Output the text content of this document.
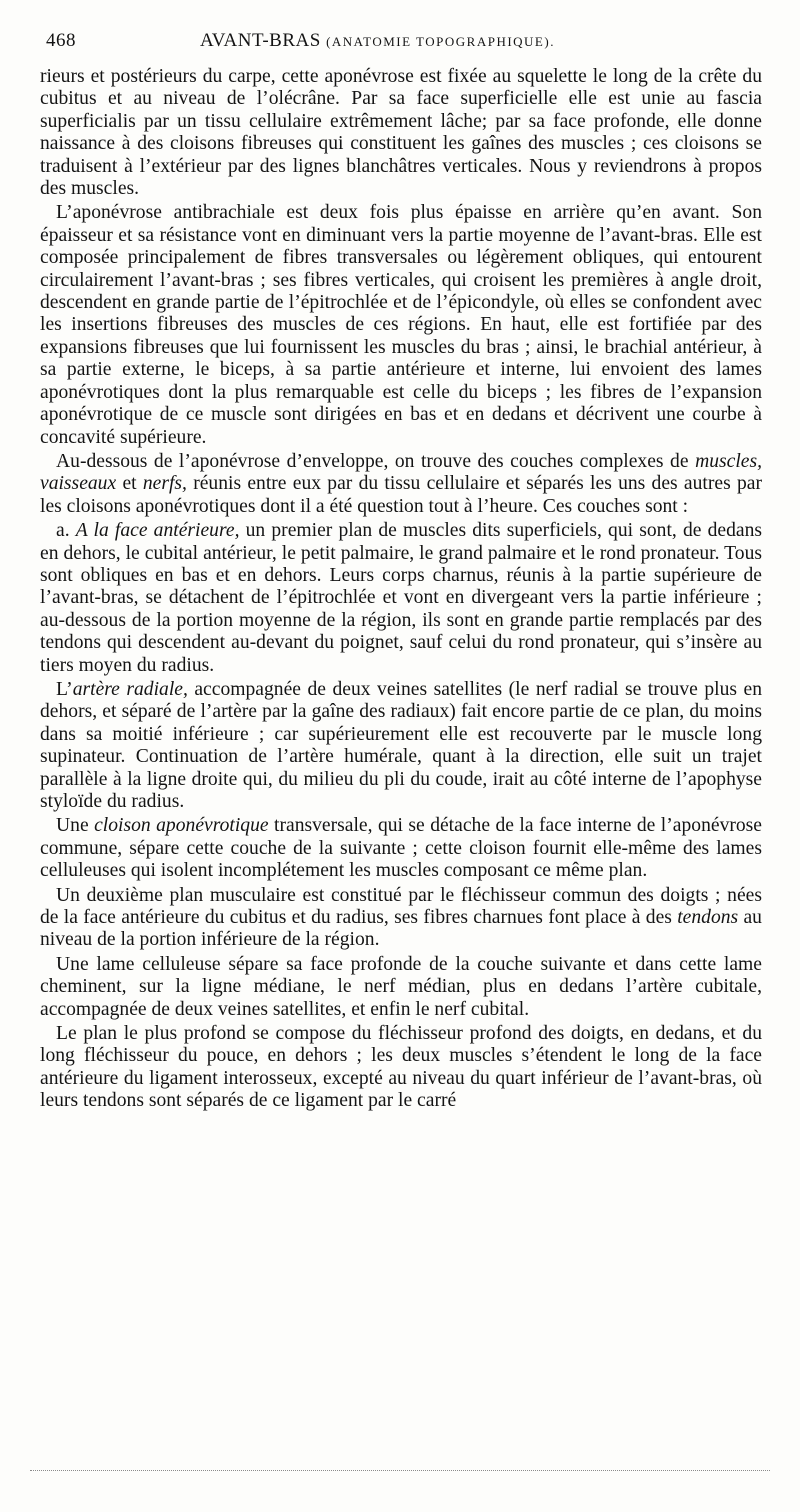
468	AVANT-BRAS (ANATOMIE TOPOGRAPHIQUE).

rieurs et postérieurs du carpe, cette aponévrose est fixée au squelette le long de la crête du cubitus et au niveau de l’olécrâne. Par sa face superficielle elle est unie au fascia superficialis par un tissu cellulaire extrêmement lâche; par sa face profonde, elle donne naissance à des cloisons fibreuses qui constituent les gaînes des muscles ; ces cloisons se traduisent à l’extérieur par des lignes blanchâtres verticales. Nous y reviendrons à propos des muscles.

L’aponévrose antibrachiale est deux fois plus épaisse en arrière qu’en avant. Son épaisseur et sa résistance vont en diminuant vers la partie moyenne de l’avant-bras. Elle est composée principalement de fibres transversales ou légèrement obliques, qui entourent circulairement l’avant-bras ; ses fibres verticales, qui croisent les premières à angle droit, descendent en grande partie de l’épitrochlée et de l’épicondyle, où elles se confondent avec les insertions fibreuses des muscles de ces régions. En haut, elle est fortifiée par des expansions fibreuses que lui fournissent les muscles du bras ; ainsi, le brachial antérieur, à sa partie externe, le biceps, à sa partie antérieure et interne, lui envoient des lames aponévrotiques dont la plus remarquable est celle du biceps ; les fibres de l’expansion aponévrotique de ce muscle sont dirigées en bas et en dedans et décrivent une courbe à concavité supérieure.

Au-dessous de l’aponévrose d’enveloppe, on trouve des couches complexes de muscles, vaisseaux et nerfs, réunis entre eux par du tissu cellulaire et séparés les uns des autres par les cloisons aponévrotiques dont il a été question tout à l’heure. Ces couches sont :

a. A la face antérieure, un premier plan de muscles dits superficiels, qui sont, de dedans en dehors, le cubital antérieur, le petit palmaire, le grand palmaire et le rond pronateur. Tous sont obliques en bas et en dehors. Leurs corps charnus, réunis à la partie supérieure de l’avant-bras, se détachent de l’épitrochlée et vont en divergeant vers la partie inférieure ; au-dessous de la portion moyenne de la région, ils sont en grande partie remplacés par des tendons qui descendent au-devant du poignet, sauf celui du rond pronateur, qui s’insère au tiers moyen du radius.

L’artère radiale, accompagnée de deux veines satellites (le nerf radial se trouve plus en dehors, et séparé de l’artère par la gaîne des radiaux) fait encore partie de ce plan, du moins dans sa moitié inférieure ; car supérieurement elle est recouverte par le muscle long supinateur. Continuation de l’artère humérale, quant à la direction, elle suit un trajet parallèle à la ligne droite qui, du milieu du pli du coude, irait au côté interne de l’apophyse styloïde du radius.

Une cloison aponévrotique transversale, qui se détache de la face interne de l’aponévrose commune, sépare cette couche de la suivante ; cette cloison fournit elle-même des lames celluleuses qui isolent incomplétement les muscles composant ce même plan.

Un deuxième plan musculaire est constitué par le fléchisseur commun des doigts ; nées de la face antérieure du cubitus et du radius, ses fibres charnues font place à des tendons au niveau de la portion inférieure de la région.

Une lame celluleuse sépare sa face profonde de la couche suivante et dans cette lame cheminent, sur la ligne médiane, le nerf médian, plus en dedans l’artère cubitale, accompagnée de deux veines satellites, et enfin le nerf cubital.

Le plan le plus profond se compose du fléchisseur profond des doigts, en dedans, et du long fléchisseur du pouce, en dehors ; les deux muscles s’étendent le long de la face antérieure du ligament interosseux, excepté au niveau du quart inférieur de l’avant-bras, où leurs tendons sont séparés de ce ligament par le carré
